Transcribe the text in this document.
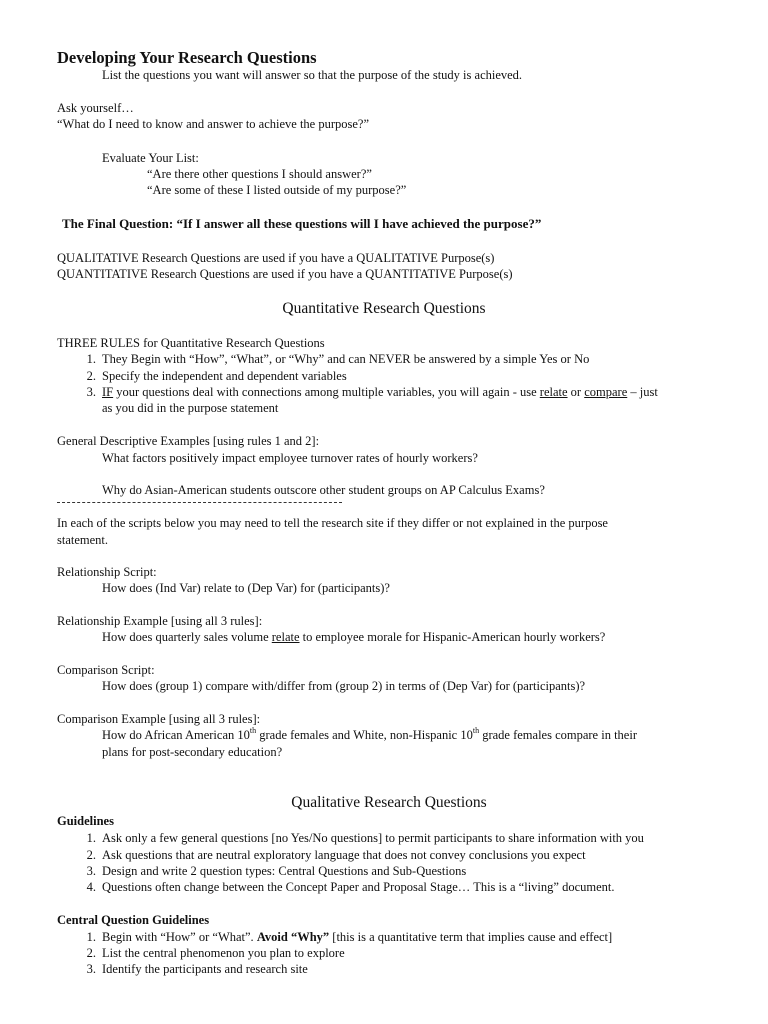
Developing Your Research Questions
List the questions you want will answer so that the purpose of the study is achieved.
Ask yourself…
“What do I need to know and answer to achieve the purpose?”
Evaluate Your List:
“Are there other questions I should answer?”
“Are some of these I listed outside of my purpose?”
The Final Question: “If I answer all these questions will I have achieved the purpose?”
QUALITATIVE Research Questions are used if you have a QUALITATIVE Purpose(s)
QUANTITATIVE Research Questions are used if you have a QUANTITATIVE Purpose(s)
Quantitative Research Questions
THREE RULES for Quantitative Research Questions
1. They Begin with “How”, “What”, or “Why” and can NEVER be answered by a simple Yes or No
2. Specify the independent and dependent variables
3. IF your questions deal with connections among multiple variables, you will again - use relate or compare – just
as you did in the purpose statement
General Descriptive Examples [using rules 1 and 2]:
What factors positively impact employee turnover rates of hourly workers?
Why do Asian-American students outscore other student groups on AP Calculus Exams?
In each of the scripts below you may need to tell the research site if they differ or not explained in the purpose
statement.
Relationship Script:
How does (Ind Var) relate to (Dep Var) for (participants)?
Relationship Example [using all 3 rules]:
How does quarterly sales volume relate to employee morale for Hispanic-American hourly workers?
Comparison Script:
How does (group 1) compare with/differ from (group 2) in terms of (Dep Var) for (participants)?
Comparison Example [using all 3 rules]:
How do African American 10th grade females and White, non-Hispanic 10th grade females compare in their
plans for post-secondary education?
Qualitative Research Questions
Guidelines
1. Ask only a few general questions [no Yes/No questions] to permit participants to share information with you
2. Ask questions that are neutral exploratory language that does not convey conclusions you expect
3. Design and write 2 question types: Central Questions and Sub-Questions
4. Questions often change between the Concept Paper and Proposal Stage… This is a “living” document.
Central Question Guidelines
1. Begin with “How” or “What”. Avoid “Why” [this is a quantitative term that implies cause and effect]
2. List the central phenomenon you plan to explore
3. Identify the participants and research site
